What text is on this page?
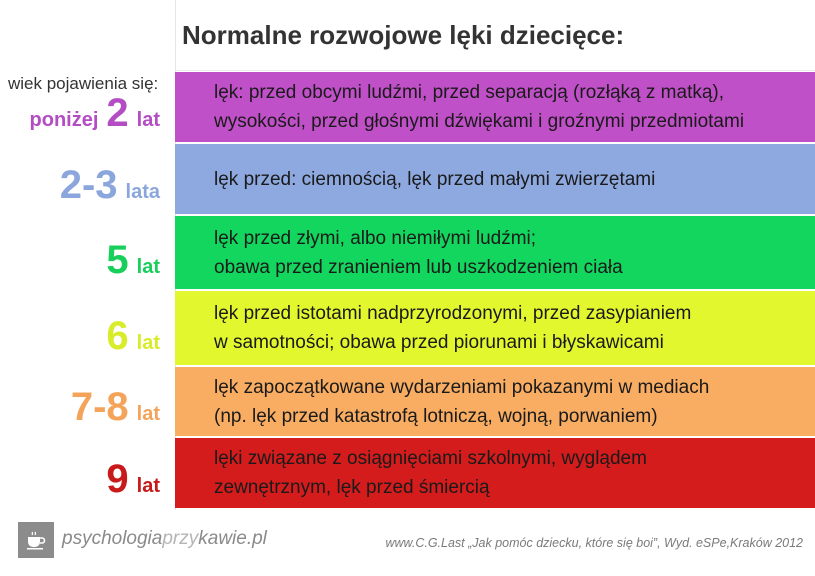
Normalne rozwojowe lęki dziecięce:
wiek pojawienia się:
poniżej 2 lat
lęk: przed obcymi ludźmi, przed separacją (rozłąką z matką),
wysokości, przed głośnymi dźwiękami i groźnymi przedmiotami
2-3 lata
lęk przed: ciemnością, lęk przed małymi zwierzętami
5 lat
lęk przed złymi, albo niemiłymi ludźmi;
obawa przed zranieniem lub uszkodzeniem ciała
6 lat
lęk przed istotami nadprzyrodzonymi, przed zasypianiem
w samotności; obawa przed piorunami i błyskawicami
7-8 lat
lęk zapoczątkowane wydarzeniami pokazanymi w mediach
(np. lęk przed katastrofą lotniczą, wojną, porwaniem)
9 lat
lęki związane z osiągnięciami szkolnymi, wyglądem
zewnętrznym, lęk przed śmiercią
psychologiaprzykawie.pl	www.C.G.Last „Jak pomóc dziecku, które się boi”, Wyd. eSPe,Kraków 2012
